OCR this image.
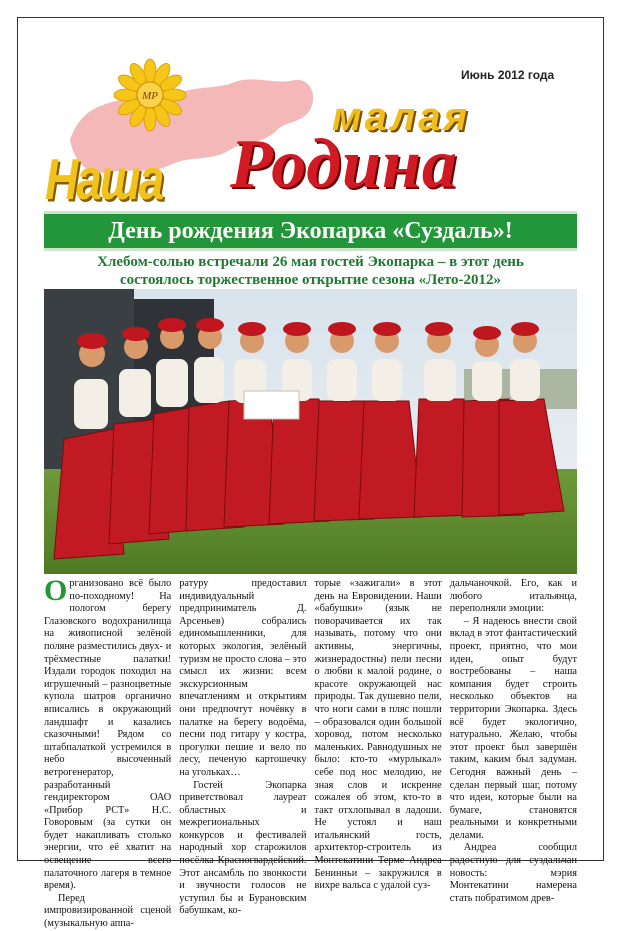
Июнь 2012 года
МР
Наша
малая
Родина
День рождения Экопарка «Суздаль»!
Хлебом-солью встречали 26 мая гостей Экопарка – в этот день
состоялось торжественное открытие сезона «Лето-2012»

Организовано всё было по-походному! На пологом берегу Глазовского водохранилища на живописной зелёной поляне разместились двух- и трёхместные палатки! Издали городок походил на игрушечный – разноцветные купола шатров органично вписались в окружающий ландшафт и казались сказочными! Рядом со штабпалаткой устремился в небо высоченный ветрогенератор, разработанный гендиректором ОАО «Прибор РСТ» Н.С. Говоровым (за сутки он будет накапливать столько энергии, что её хватит на освещение всего палаточного лагеря в темное время).

Перед импровизированной сценой (музыкальную аппа-

ратуру предоставил индивидуальный предприниматель Д. Арсеньев) собрались единомышленники, для которых экология, зелёный туризм не просто слова – это смысл их жизни: всем экскурсионным впечатлениям и открытиям они предпочтут ночёвку в палатке на берегу водоёма, песни под гитару у костра, прогулки пешие и вело по лесу, печеную картошечку на угольках…

Гостей Экопарка приветствовал лауреат областных и межрегиональных конкурсов и фестивалей народный хор старожилов посёлка Красногвардейский. Этот ансамбль по звонкости и звучности голосов не уступил бы и Бурановским бабушкам, ко-

торые «зажигали» в этот день на Евровидении. Наши «бабушки» (язык не поворачивается их так называть, потому что они активны, энергичны, жизнерадостны) пели песни о любви к малой родине, о красоте окружающей нас природы. Так душевно пели, что ноги сами в пляс пошли – образовался один большой хоровод, потом несколько маленьких. Равнодушных не было: кто-то «мурлыкал» себе под нос мелодию, не зная слов и искренне сожалея об этом, кто-то в такт отхлопывал в ладоши. Не устоял и наш итальянский гость, архитектор-строитель из Монтекатини Терме Андреа Бенинньи – закружился в вихре вальса с удалой суз-

дальчаночкой. Его, как и любого итальянца, переполняли эмоции:

– Я надеюсь внести свой вклад в этот фантастический проект, приятно, что мои идеи, опыт будут востребованы – наша компания будет строить несколько объектов на территории Экопарка. Здесь всё будет экологично, натурально. Желаю, чтобы этот проект был завершён таким, каким был задуман. Сегодня важный день – сделан первый шаг, потому что идеи, которые были на бумаге, становятся реальными и конкретными делами.

Андреа сообщил радостную для суздальчан новость: мэрия Монтекатини намерена стать побратимом древ-
